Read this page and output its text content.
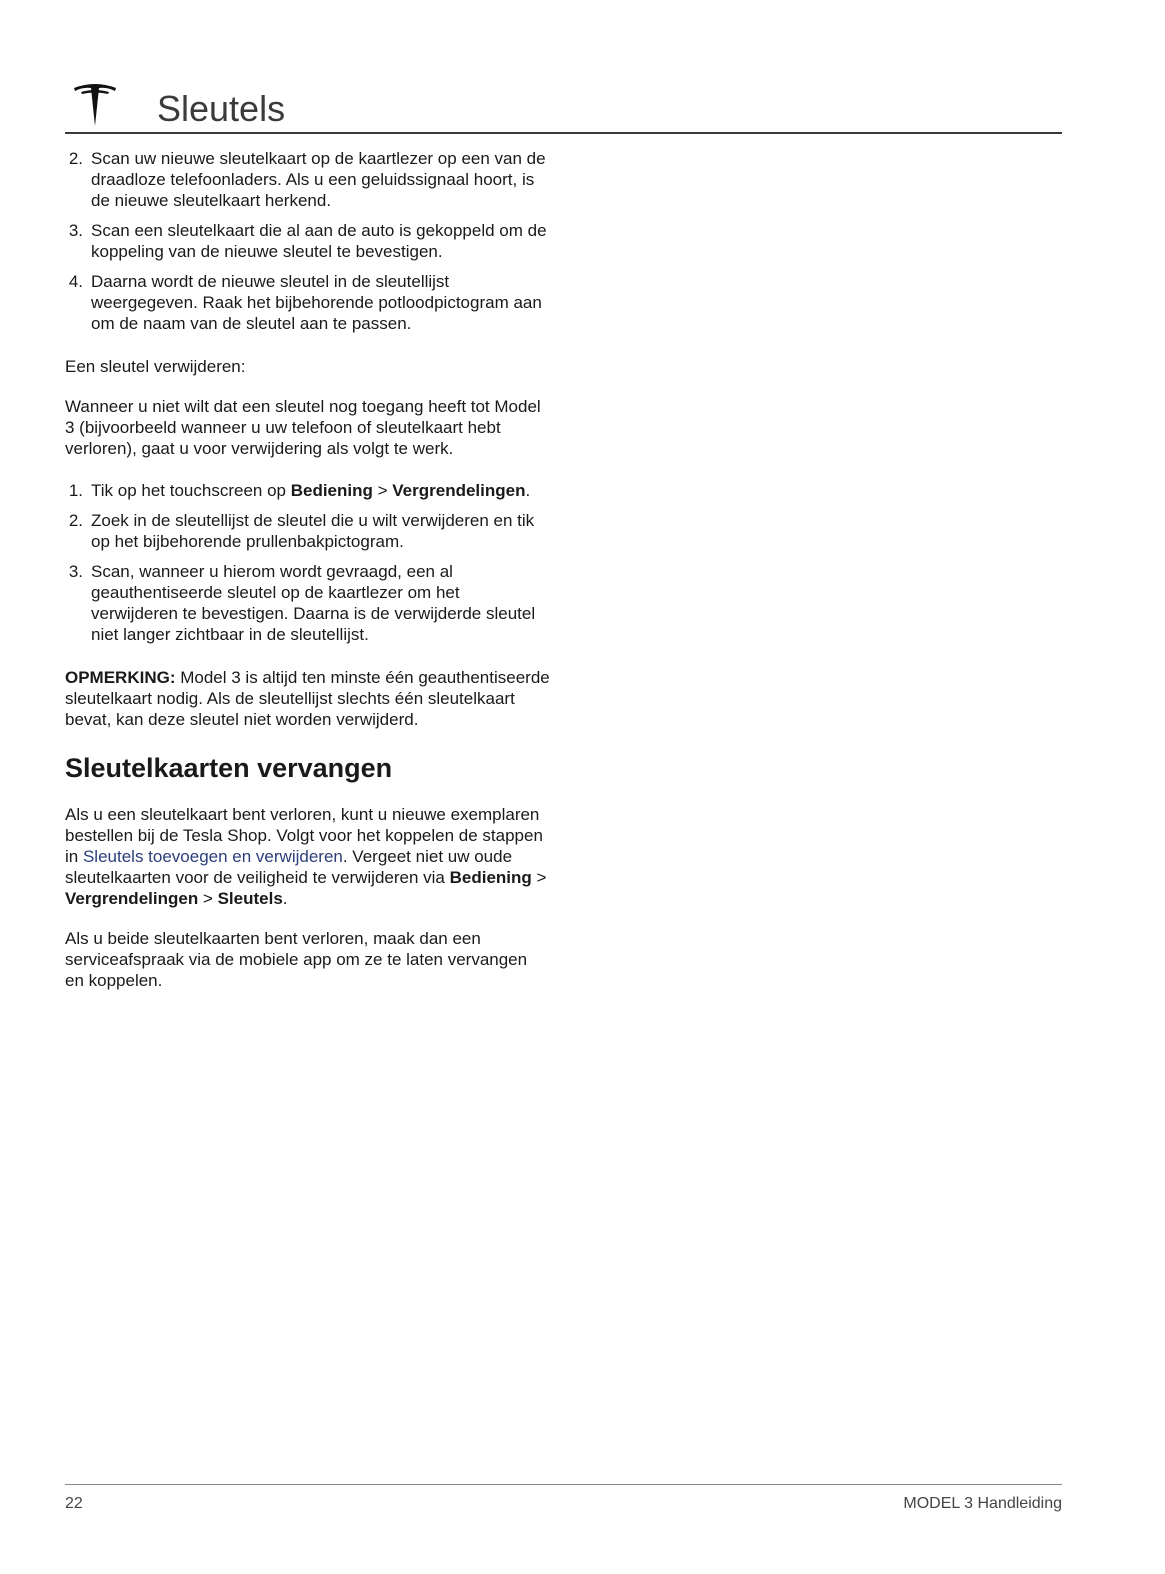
Sleutels
2. Scan uw nieuwe sleutelkaart op de kaartlezer op een van de draadloze telefoonladers. Als u een geluidssignaal hoort, is de nieuwe sleutelkaart herkend.
3. Scan een sleutelkaart die al aan de auto is gekoppeld om de koppeling van de nieuwe sleutel te bevestigen.
4. Daarna wordt de nieuwe sleutel in de sleutellijst weergegeven. Raak het bijbehorende potloodpictogram aan om de naam van de sleutel aan te passen.

Een sleutel verwijderen:

Wanneer u niet wilt dat een sleutel nog toegang heeft tot Model 3 (bijvoorbeeld wanneer u uw telefoon of sleutelkaart hebt verloren), gaat u voor verwijdering als volgt te werk.

1. Tik op het touchscreen op Bediening > Vergrendelingen.
2. Zoek in de sleutellijst de sleutel die u wilt verwijderen en tik op het bijbehorende prullenbakpictogram.
3. Scan, wanneer u hierom wordt gevraagd, een al geauthentiseerde sleutel op de kaartlezer om het verwijderen te bevestigen. Daarna is de verwijderde sleutel niet langer zichtbaar in de sleutellijst.

OPMERKING: Model 3 is altijd ten minste één geauthentiseerde sleutelkaart nodig. Als de sleutellijst slechts één sleutelkaart bevat, kan deze sleutel niet worden verwijderd.

Sleutelkaarten vervangen

Als u een sleutelkaart bent verloren, kunt u nieuwe exemplaren bestellen bij de Tesla Shop. Volgt voor het koppelen de stappen in Sleutels toevoegen en verwijderen. Vergeet niet uw oude sleutelkaarten voor de veiligheid te verwijderen via Bediening > Vergrendelingen > Sleutels.

Als u beide sleutelkaarten bent verloren, maak dan een serviceafspraak via de mobiele app om ze te laten vervangen en koppelen.

22	MODEL 3 Handleiding
